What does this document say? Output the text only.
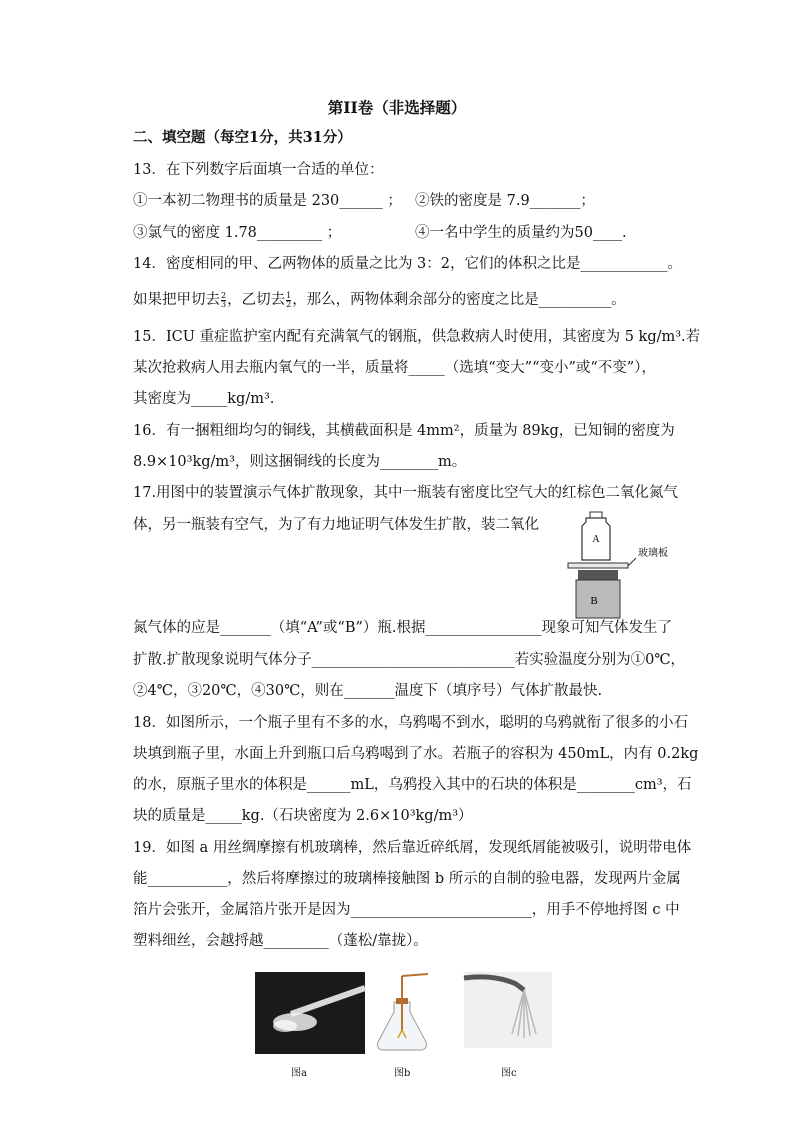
第II卷（非选择题）
二、填空题（每空1分，共31分）
13．在下列数字后面填一合适的单位：
①一本初二物理书的质量是 230______ ； ②铁的密度是 7.9_______；
③氯气的密度 1.78_________ ；	④一名中学生的质量约为50____.
14．密度相同的甲、乙两物体的质量之比为 3：2，它们的体积之比是____________。
如果把甲切去 $\frac{2}{3}$ ，乙切去 $\frac{1}{2}$ ，那么，两物体剩余部分的密度之比是__________。
15．ICU 重症监护室内配有充满氧气的钢瓶，供急救病人时使用，其密度为 5 kg/m³.若
某次抢救病人用去瓶内氧气的一半，质量将_____（选填“变大”“变小”或“不变”），
其密度为_____kg/m³.
16．有一捆粗细均匀的铜线，其横截面积是 4mm²，质量为 89kg，已知铜的密度为
8.9×10³kg/m³，则这捆铜线的长度为________m。
17.用图中的装置演示气体扩散现象，其中一瓶装有密度比空气大的红棕色二氧化氮气
体，另一瓶装有空气，为了有力地证明气体发生扩散，装二氧化
A
玻璃板
B
氮气体的应是_______（填“A”或“B”）瓶.根据________________现象可知气体发生了
扩散.扩散现象说明气体分子____________________________若实验温度分别为①0℃，
②4℃，③20℃，④30℃，则在_______温度下（填序号）气体扩散最快.
18．如图所示，一个瓶子里有不多的水，乌鸦喝不到水，聪明的乌鸦就衔了很多的小石
块填到瓶子里，水面上升到瓶口后乌鸦喝到了水。若瓶子的容积为 450mL，内有 0.2kg
的水，原瓶子里水的体积是______mL，乌鸦投入其中的石块的体积是________cm³，石
块的质量是_____kg.（石块密度为 2.6×10³kg/m³）
19．如图 a 用丝绸摩擦有机玻璃棒，然后靠近碎纸屑，发现纸屑能被吸引，说明带电体
能___________，然后将摩擦过的玻璃棒接触图 b 所示的自制的验电器，发现两片金属
箔片会张开，金属箔片张开是因为_________________________，用手不停地捋图 c 中
塑料细丝，会越捋越_________（蓬松/靠拢）。
图a	图b	图c
